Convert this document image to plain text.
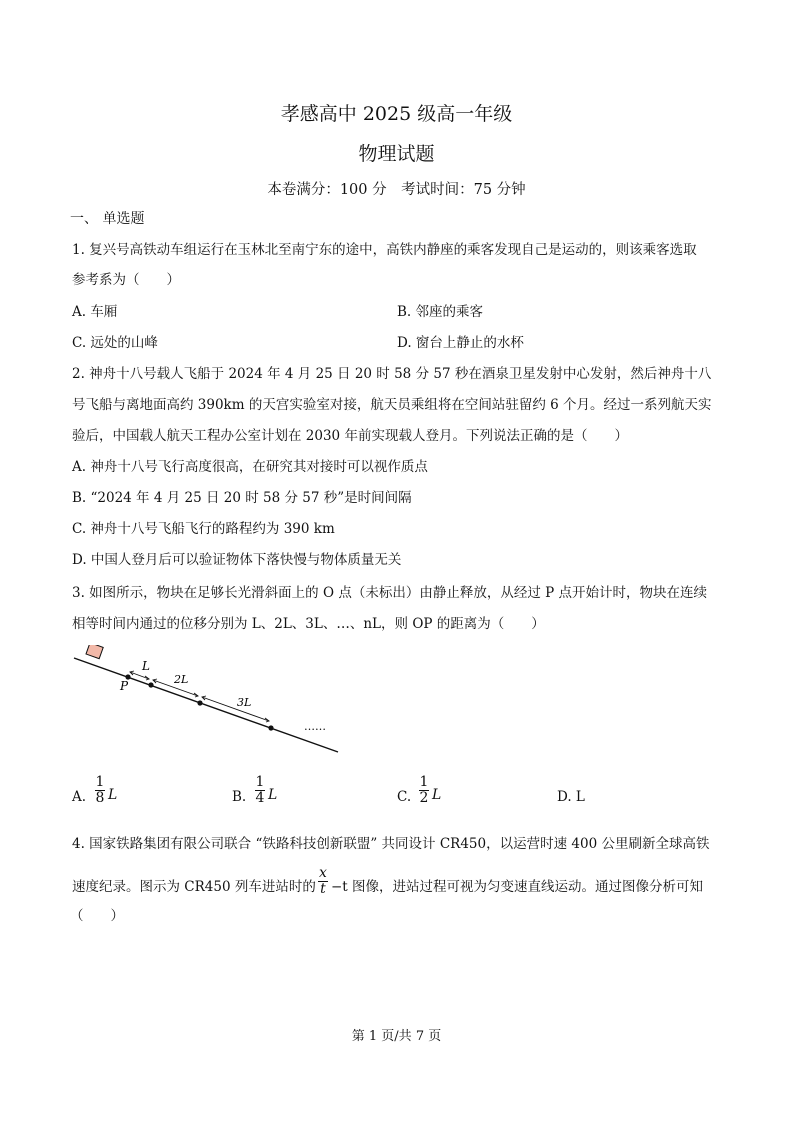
孝感高中 2025 级高一年级
物理试题
本卷满分：100 分　考试时间：75 分钟
一、 单选题
1. 复兴号高铁动车组运行在玉林北至南宁东的途中，高铁内静座的乘客发现自己是运动的，则该乘客选取
参考系为（　　）
A. 车厢	B. 邻座的乘客
C. 远处的山峰	D. 窗台上静止的水杯
2. 神舟十八号载人飞船于 2024 年 4 月 25 日 20 时 58 分 57 秒在酒泉卫星发射中心发射，然后神舟十八
号飞船与离地面高约 390km 的天宫实验室对接，航天员乘组将在空间站驻留约 6 个月。经过一系列航天实
验后，中国载人航天工程办公室计划在 2030 年前实现载人登月。下列说法正确的是（　　）
A. 神舟十八号飞行高度很高，在研究其对接时可以视作质点
B. “2024 年 4 月 25 日 20 时 58 分 57 秒”是时间间隔
C. 神舟十八号飞船飞行的路程约为 390 km
D. 中国人登月后可以验证物体下落快慢与物体质量无关
3. 如图所示，物块在足够长光滑斜面上的 O 点（未标出）由静止释放，从经过 P 点开始计时，物块在连续
相等时间内通过的位移分别为 L、2L、3L、…、nL，则 OP 的距离为（　　）
P
L
2L
3L
……
A.
1
8 L	B.
1
4 L	C.
1
2 L	D. L
4. 国家铁路集团有限公司联合 “铁路科技创新联盟” 共同设计 CR450，以运营时速 400 公里刷新全球高铁
速度纪录。图示为 CR450 列车进站时的
x
t −t 图像，进站过程可视为匀变速直线运动。通过图像分析可知
（　　）
第 1 页/共 7 页
